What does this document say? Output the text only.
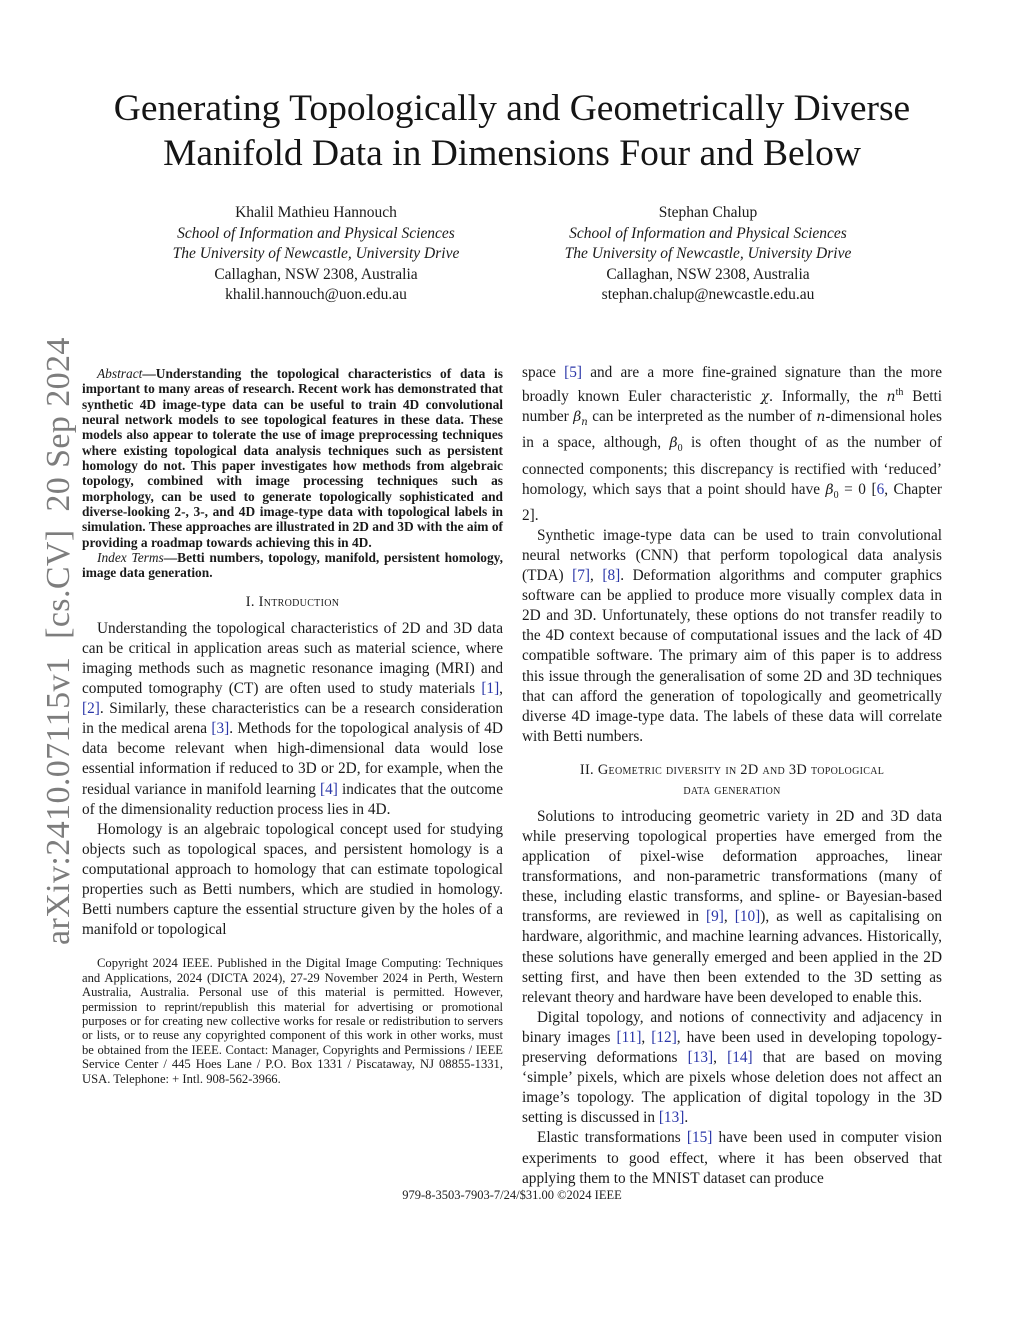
Generating Topologically and Geometrically Diverse Manifold Data in Dimensions Four and Below
Khalil Mathieu Hannouch
School of Information and Physical Sciences
The University of Newcastle, University Drive
Callaghan, NSW 2308, Australia
khalil.hannouch@uon.edu.au
Stephan Chalup
School of Information and Physical Sciences
The University of Newcastle, University Drive
Callaghan, NSW 2308, Australia
stephan.chalup@newcastle.edu.au
arXiv:2410.07115v1  [cs.CV]  20 Sep 2024	Abstract—Understanding the topological characteristics of data is important to many areas of research. Recent work has demonstrated that synthetic 4D image-type data can be useful to train 4D convolutional neural network models to see topological features in these data. These models also appear to tolerate the use of image preprocessing techniques where existing topological data analysis techniques such as persistent homology do not. This paper investigates how methods from algebraic topology, combined with image processing techniques such as morphology, can be used to generate topologically sophisticated and diverse-looking 2-, 3-, and 4D image-type data with topological labels in simulation. These approaches are illustrated in 2D and 3D with the aim of providing a roadmap towards achieving this in 4D.
Index Terms—Betti numbers, topology, manifold, persistent homology, image data generation.
I. Introduction

Understanding the topological characteristics of 2D and 3D data can be critical in application areas such as material science, where imaging methods such as magnetic resonance imaging (MRI) and computed tomography (CT) are often used to study materials [1], [2]. Similarly, these characteristics can be a research consideration in the medical arena [3]. Methods for the topological analysis of 4D data become relevant when high-dimensional data would lose essential information if reduced to 3D or 2D, for example, when the residual variance in manifold learning [4] indicates that the outcome of the dimensionality reduction process lies in 4D.

Homology is an algebraic topological concept used for studying objects such as topological spaces, and persistent homology is a computational approach to homology that can estimate topological properties such as Betti numbers, which are studied in homology. Betti numbers capture the essential structure given by the holes of a manifold or topological

Copyright 2024 IEEE. Published in the Digital Image Computing: Techniques and Applications, 2024 (DICTA 2024), 27-29 November 2024 in Perth, Western Australia, Australia. Personal use of this material is permitted. However, permission to reprint/republish this material for advertising or promotional purposes or for creating new collective works for resale or redistribution to servers or lists, or to reuse any copyrighted component of this work in other works, must be obtained from the IEEE. Contact: Manager, Copyrights and Permissions / IEEE Service Center / 445 Hoes Lane / P.O. Box 1331 / Piscataway, NJ 08855-1331, USA. Telephone: + Intl. 908-562-3966.

space [5] and are a more fine-grained signature than the more broadly known Euler characteristic χ. Informally, the $n^{th}$ Betti number $\beta_n$ can be interpreted as the number of n-dimensional holes in a space, although, $\beta_0$ is often thought of as the number of connected components; this discrepancy is rectified with ‘reduced’ homology, which says that a point should have $\beta_0 = 0$ [6, Chapter 2].

Synthetic image-type data can be used to train convolutional neural networks (CNN) that perform topological data analysis (TDA) [7], [8]. Deformation algorithms and computer graphics software can be applied to produce more visually complex data in 2D and 3D. Unfortunately, these options do not transfer readily to the 4D context because of computational issues and the lack of 4D compatible software. The primary aim of this paper is to address this issue through the generalisation of some 2D and 3D techniques that can afford the generation of topologically and geometrically diverse 4D image-type data. The labels of these data will correlate with Betti numbers.

II. Geometric diversity in 2D and 3D topological
data generation

Solutions to introducing geometric variety in 2D and 3D data while preserving topological properties have emerged from the application of pixel-wise deformation approaches, linear transformations, and non-parametric transformations (many of these, including elastic transforms, and spline- or Bayesian-based transforms, are reviewed in [9], [10]), as well as capitalising on hardware, algorithmic, and machine learning advances. Historically, these solutions have generally emerged and been applied in the 2D setting first, and have then been extended to the 3D setting as relevant theory and hardware have been developed to enable this.

Digital topology, and notions of connectivity and adjacency in binary images [11], [12], have been used in developing topology-preserving deformations [13], [14] that are based on moving ‘simple’ pixels, which are pixels whose deletion does not affect an image’s topology. The application of digital topology in the 3D setting is discussed in [13].

Elastic transformations [15] have been used in computer vision experiments to good effect, where it has been observed that applying them to the MNIST dataset can produce

979-8-3503-7903-7/24/$31.00 ©2024 IEEE
